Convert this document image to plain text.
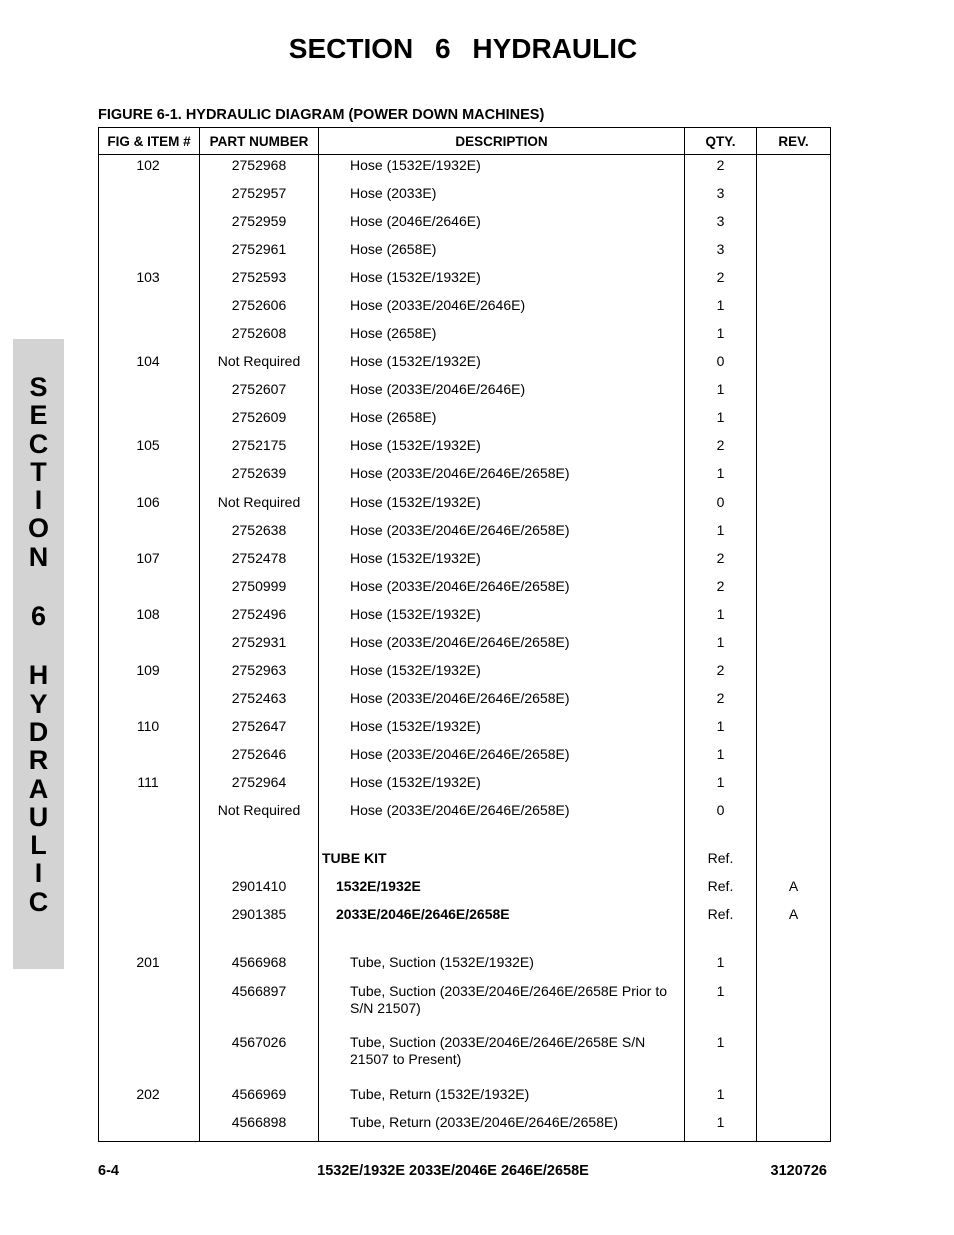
SECTION 6 HYDRAULIC
FIGURE 6-1. HYDRAULIC DIAGRAM (POWER DOWN MACHINES)
S
E
C
T
I
O
N
6
H
Y
D
R
A
U
L
I
C
FIG & ITEM #	PART NUMBER	DESCRIPTION	QTY.	REV.
102	2752968	Hose (1532E/1932E)	2	
	2752957	Hose (2033E)	3	
	2752959	Hose (2046E/2646E)	3	
	2752961	Hose (2658E)	3	
103	2752593	Hose (1532E/1932E)	2	
	2752606	Hose (2033E/2046E/2646E)	1	
	2752608	Hose (2658E)	1	
104	Not Required	Hose (1532E/1932E)	0	
	2752607	Hose (2033E/2046E/2646E)	1	
	2752609	Hose (2658E)	1	
105	2752175	Hose (1532E/1932E)	2	
	2752639	Hose (2033E/2046E/2646E/2658E)	1	
106	Not Required	Hose (1532E/1932E)	0	
	2752638	Hose (2033E/2046E/2646E/2658E)	1	
107	2752478	Hose (1532E/1932E)	2	
	2750999	Hose (2033E/2046E/2646E/2658E)	2	
108	2752496	Hose (1532E/1932E)	1	
	2752931	Hose (2033E/2046E/2646E/2658E)	1	
109	2752963	Hose (1532E/1932E)	2	
	2752463	Hose (2033E/2046E/2646E/2658E)	2	
110	2752647	Hose (1532E/1932E)	1	
	2752646	Hose (2033E/2046E/2646E/2658E)	1	
111	2752964	Hose (1532E/1932E)	1	
	Not Required	Hose (2033E/2046E/2646E/2658E)	0	

		TUBE KIT	Ref.	
	2901410	1532E/1932E	Ref.	A
	2901385	2033E/2046E/2646E/2658E	Ref.	A

201	4566968	Tube, Suction (1532E/1932E)	1	
	4566897	Tube, Suction (2033E/2046E/2646E/2658E Prior to S/N 21507)	1	
	4567026	Tube, Suction (2033E/2046E/2646E/2658E S/N 21507 to Present)	1	
202	4566969	Tube, Return (1532E/1932E)	1	
	4566898	Tube, Return (2033E/2046E/2646E/2658E)	1	

6-4	1532E/1932E 2033E/2046E 2646E/2658E	3120726
